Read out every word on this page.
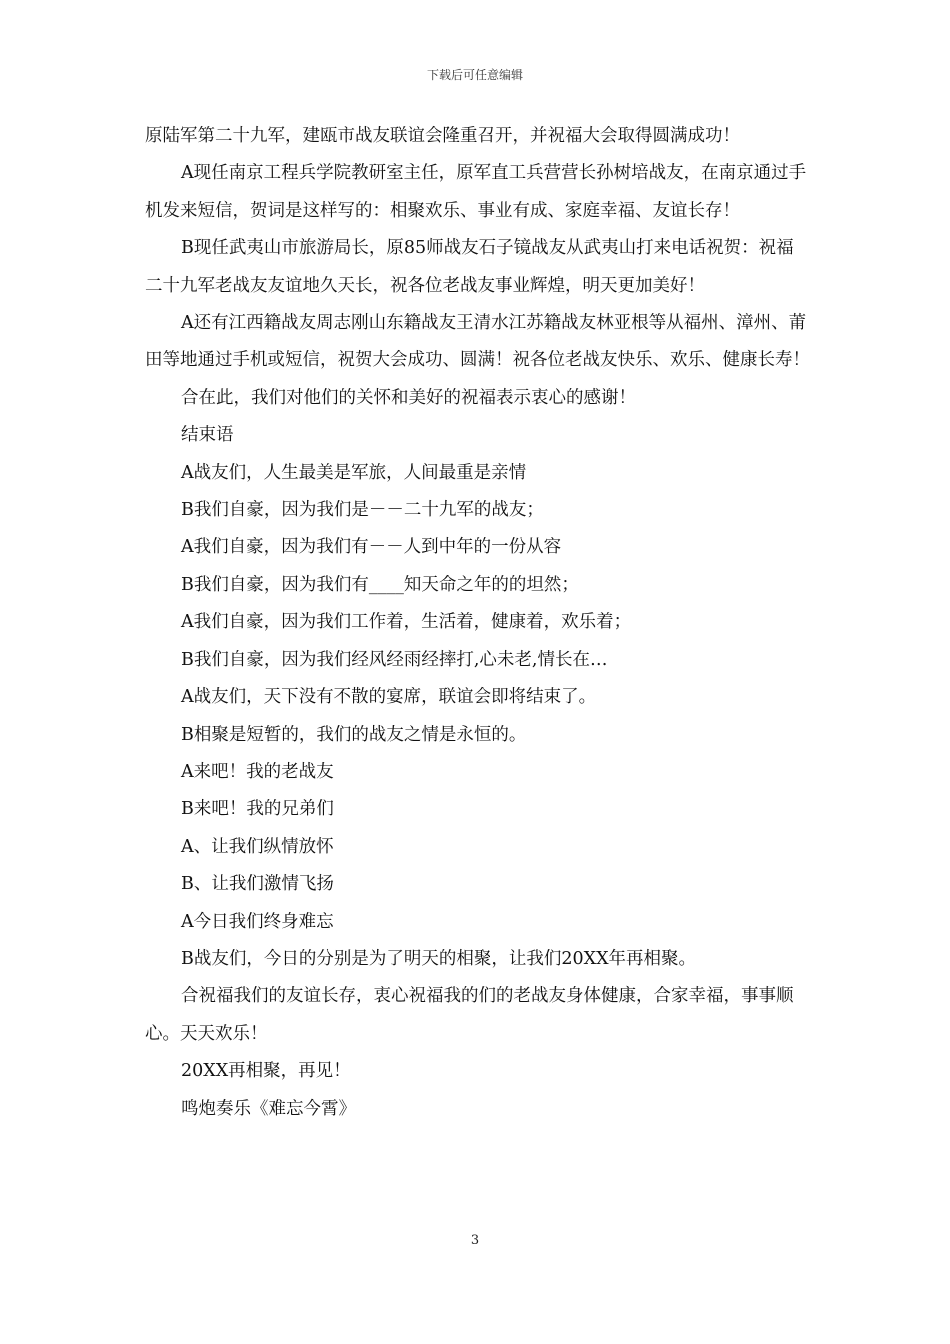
下载后可任意编辑

原陆军第二十九军，建瓯市战友联谊会隆重召开，并祝福大会取得圆满成功！

A现任南京工程兵学院教研室主任，原军直工兵营营长孙树培战友，在南京通过手机发来短信，贺词是这样写的：相聚欢乐、事业有成、家庭幸福、友谊长存！

B现任武夷山市旅游局长，原85师战友石子镜战友从武夷山打来电话祝贺：祝福二十九军老战友友谊地久天长，祝各位老战友事业辉煌，明天更加美好！

A还有江西籍战友周志刚山东籍战友王清水江苏籍战友林亚根等从福州、漳州、莆田等地通过手机或短信，祝贺大会成功、圆满！祝各位老战友快乐、欢乐、健康长寿！

合在此，我们对他们的关怀和美好的祝福表示衷心的感谢！

结束语

A战友们，人生最美是军旅，人间最重是亲情

B我们自豪，因为我们是－－二十九军的战友；

A我们自豪，因为我们有－－人到中年的一份从容

B我们自豪，因为我们有____知天命之年的的坦然；

A我们自豪，因为我们工作着，生活着，健康着，欢乐着；

B我们自豪，因为我们经风经雨经摔打,心未老,情长在…

A战友们，天下没有不散的宴席，联谊会即将结束了。

B相聚是短暂的，我们的战友之情是永恒的。

A来吧！我的老战友

B来吧！我的兄弟们

A、让我们纵情放怀

B、让我们激情飞扬

A今日我们终身难忘

B战友们，今日的分别是为了明天的相聚，让我们20XX年再相聚。

合祝福我们的友谊长存，衷心祝福我的们的老战友身体健康，合家幸福，事事顺心。天天欢乐！

20XX再相聚，再见！

鸣炮奏乐《难忘今霄》

3
